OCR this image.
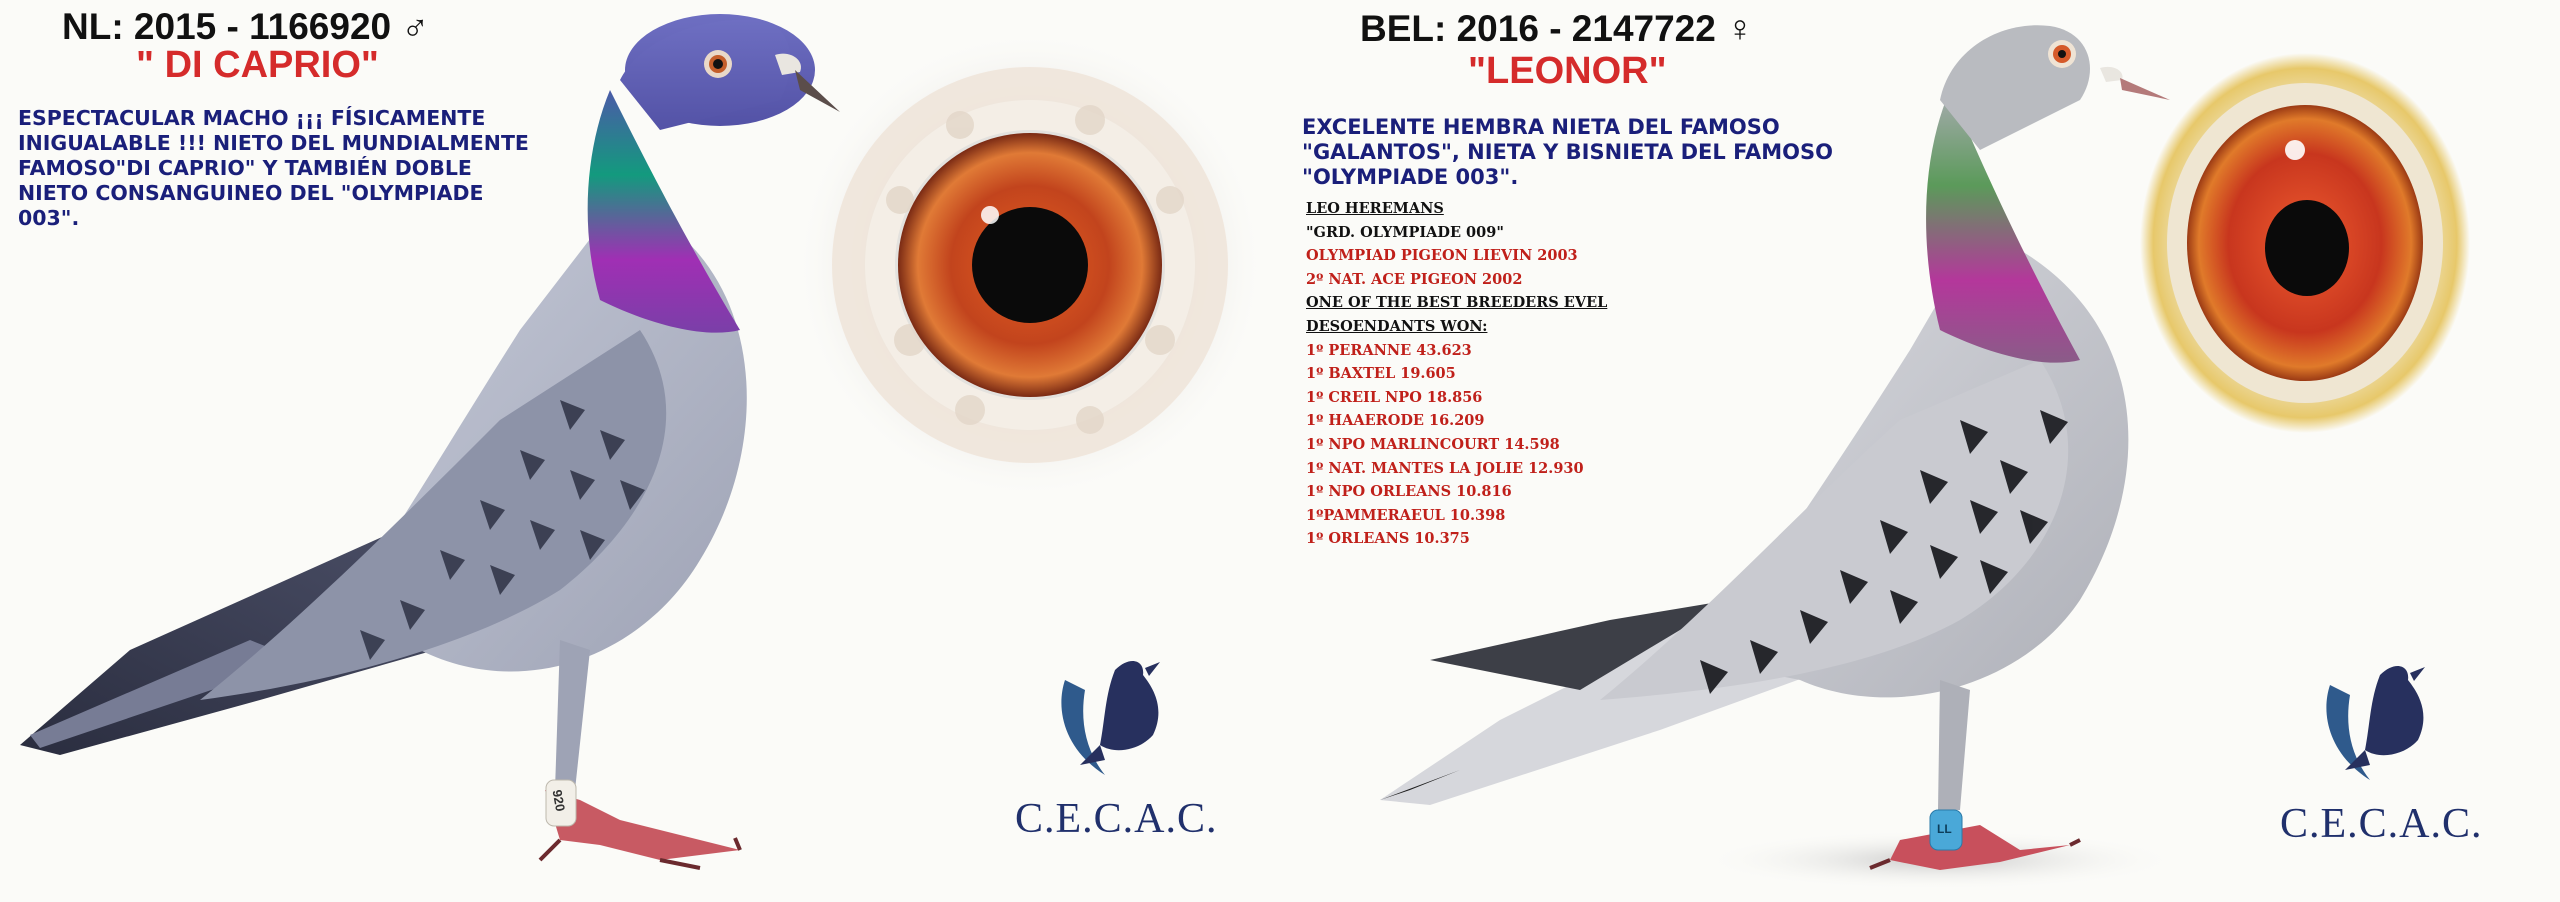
NL: 2015 - 1166920 ♂
" DI CAPRIO"
ESPECTACULAR MACHO ¡¡¡ FÍSICAMENTE
INIGUALABLE !!! NIETO DEL MUNDIALMENTE
FAMOSO"DI CAPRIO" Y TAMBIÉN DOBLE
NIETO CONSANGUINEO DEL "OLYMPIADE
003".
920	C.E.C.A.C.
BEL: 2016 - 2147722 ♀
"LEONOR"
EXCELENTE HEMBRA NIETA DEL FAMOSO
"GALANTOS", NIETA Y BISNIETA DEL FAMOSO
"OLYMPIADE 003".
LEO HEREMANS
"GRD. OLYMPIADE 009"
OLYMPIAD PIGEON LIEVIN 2003
2º NAT. ACE PIGEON 2002
ONE OF THE BEST BREEDERS EVEL
DESOENDANTS WON:
1º PERANNE 43.623
1º BAXTEL 19.605
1º CREIL NPO 18.856
1º HAAERODE 16.209
1º NPO MARLINCOURT 14.598
1º NAT. MANTES LA JOLIE 12.930
1º NPO ORLEANS 10.816
1ºPAMMERAEUL 10.398
1º ORLEANS 10.375
LL	C.E.C.A.C.
